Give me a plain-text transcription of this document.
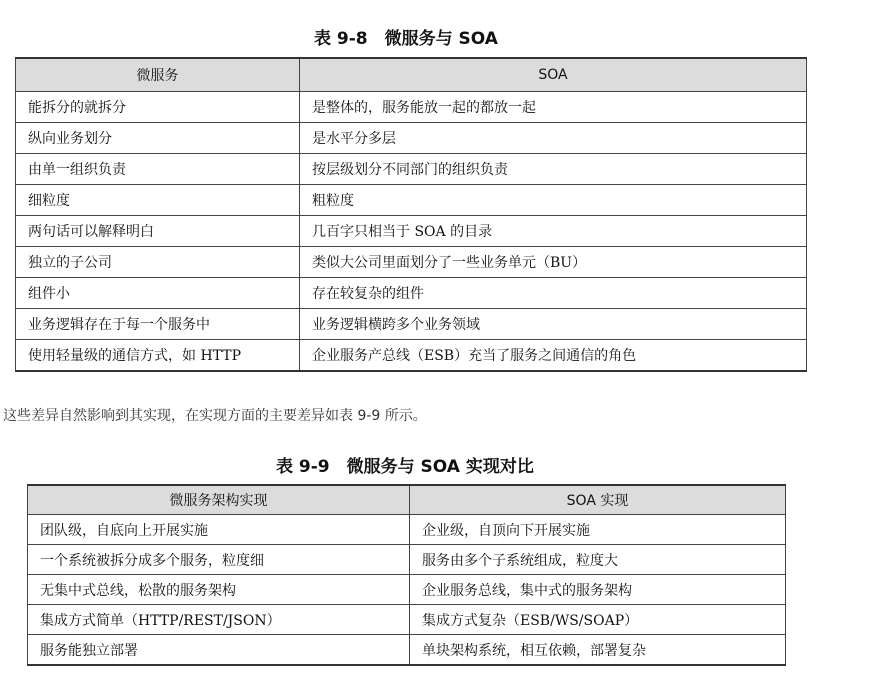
表 9-8　微服务与 SOA
微服务	SOA
能拆分的就拆分	是整体的，服务能放一起的都放一起
纵向业务划分	是水平分多层
由单一组织负责	按层级划分不同部门的组织负责
细粒度	粗粒度
两句话可以解释明白	几百字只相当于 SOA 的目录
独立的子公司	类似大公司里面划分了一些业务单元（BU）
组件小	存在较复杂的组件
业务逻辑存在于每一个服务中	业务逻辑横跨多个业务领域
使用轻量级的通信方式，如 HTTP	企业服务产总线（ESB）充当了服务之间通信的角色
这些差异自然影响到其实现，在实现方面的主要差异如表 9-9 所示。
表 9-9　微服务与 SOA 实现对比
微服务架构实现	SOA 实现
团队级，自底向上开展实施	企业级，自顶向下开展实施
一个系统被拆分成多个服务，粒度细	服务由多个子系统组成，粒度大
无集中式总线，松散的服务架构	企业服务总线，集中式的服务架构
集成方式简单（HTTP/REST/JSON）	集成方式复杂（ESB/WS/SOAP）
服务能独立部署	单块架构系统，相互依赖，部署复杂
